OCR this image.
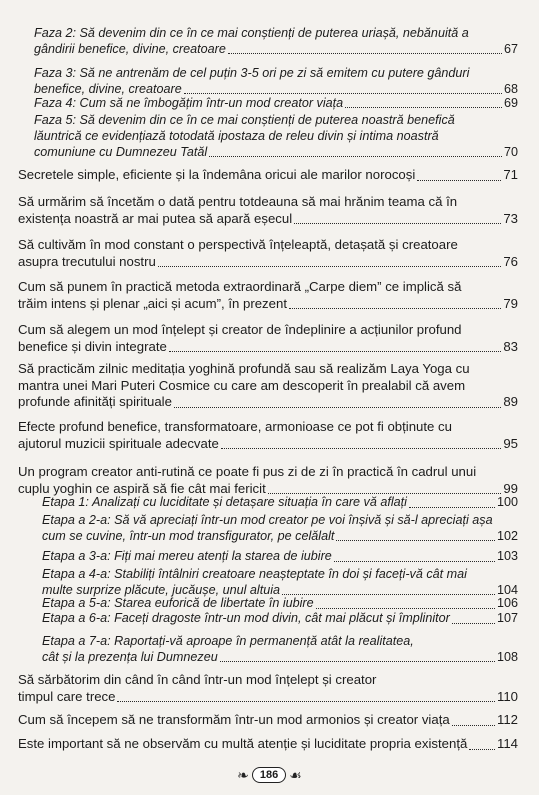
Faza 2: Să devenim din ce în ce mai conștienți de puterea uriașă, nebănuită a
gândirii benefice, divine, creatoare	67
Faza 3: Să ne antrenăm de cel puțin 3-5 ori pe zi să emitem cu putere gânduri
benefice, divine, creatoare	68
Faza 4: Cum să ne îmbogățim într-un mod creator viața	69
Faza 5: Să devenim din ce în ce mai conștienți de puterea noastră benefică
lăuntrică ce evidențiază totodată ipostaza de releu divin și intima noastră
comuniune cu Dumnezeu Tatăl	70
Secretele simple, eficiente și la îndemâna oricui ale marilor norocoși	71
Să urmărim să încetăm o dată pentru totdeauna să mai hrănim teama că în
existența noastră ar mai putea să apară eșecul	73
Să cultivăm în mod constant o perspectivă înțeleaptă, detașată și creatoare
asupra trecutului nostru	76
Cum să punem în practică metoda extraordinară „Carpe diem” ce implică să
trăim intens și plenar „aici și acum”, în prezent	79
Cum să alegem un mod înțelept și creator de îndeplinire a acțiunilor profund
benefice și divin integrate	83
Să practicăm zilnic meditația yoghină profundă sau să realizăm Laya Yoga cu
mantra unei Mari Puteri Cosmice cu care am descoperit în prealabil că avem
profunde afinități spirituale	89
Efecte profund benefice, transformatoare, armonioase ce pot fi obținute cu
ajutorul muzicii spirituale adecvate	95
Un program creator anti-rutină ce poate fi pus zi de zi în practică în cadrul unui
cuplu yoghin ce aspiră să fie cât mai fericit	99
Etapa 1: Analizați cu luciditate și detașare situația în care vă aflați	100
Etapa a 2-a: Să vă apreciați într-un mod creator pe voi înșivă și să-l apreciați așa
cum se cuvine, într-un mod transfigurator, pe celălalt	102
Etapa a 3-a: Fiți mai mereu atenți la starea de iubire	103
Etapa a 4-a: Stabiliți întâlniri creatoare neașteptate în doi și faceți-vă cât mai
multe surprize plăcute, jucăușe, unul altuia	104
Etapa a 5-a: Starea euforică de libertate în iubire	106
Etapa a 6-a: Faceți dragoste într-un mod divin, cât mai plăcut și împlinitor	107
Etapa a 7-a: Raportați-vă aproape în permanență atât la realitatea,
cât și la prezența lui Dumnezeu	108
Să sărbătorim din când în când într-un mod înțelept și creator
timpul care trece	110
Cum să începem să ne transformăm într-un mod armonios și creator viața	112
Este important să ne observăm cu multă atenție și luciditate propria existență 114
❧	186 ☙
